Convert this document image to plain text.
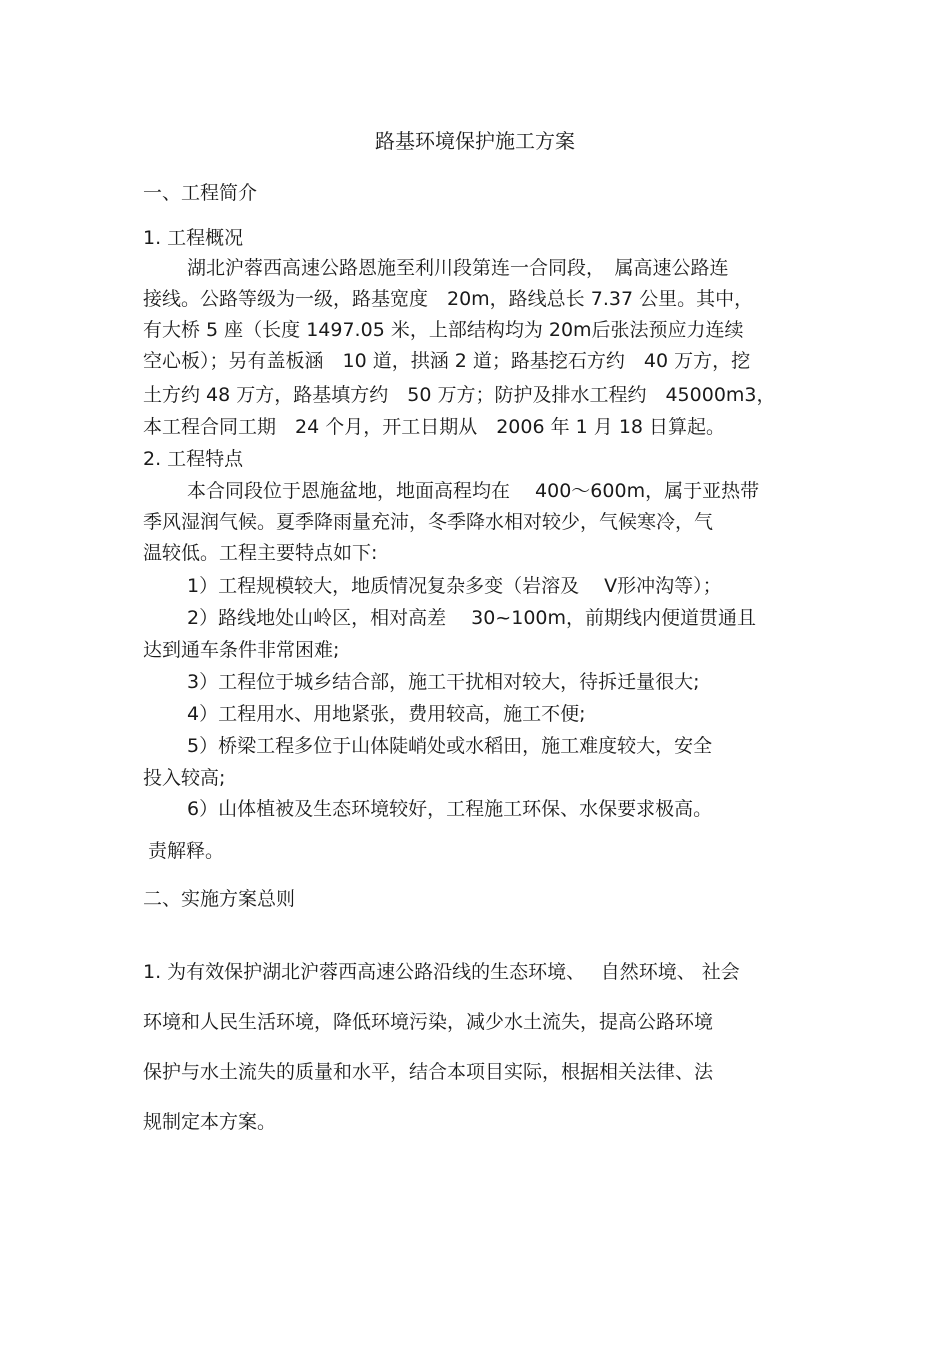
路基环境保护施工方案
一、工程简介
1. 工程概况
湖北沪蓉西高速公路恩施至利川段第连一合同段，　属高速公路连
接线。公路等级为一级，路基宽度　20m，路线总长 7.37 公里。其中，
有大桥 5 座（长度 1497.05 米，上部结构均为 20m后张法预应力连续
空心板）；另有盖板涵　10 道，拱涵 2 道；路基挖石方约　40 万方，挖
土方约 48 万方，路基填方约　50 万方；防护及排水工程约　45000m3，
本工程合同工期　24 个月，开工日期从　2006 年 1 月 18 日算起。
2. 工程特点
本合同段位于恩施盆地，地面高程均在　 400～600m，属于亚热带
季风湿润气候。夏季降雨量充沛，冬季降水相对较少，气候寒冷，气
温较低。工程主要特点如下:
1）工程规模较大，地质情况复杂多变（岩溶及　 V形冲沟等）；
2）路线地处山岭区，相对高差　 30~100m，前期线内便道贯通且
达到通车条件非常困难;
3）工程位于城乡结合部，施工干扰相对较大，待拆迁量很大;
4）工程用水、用地紧张，费用较高，施工不便;
5）桥梁工程多位于山体陡峭处或水稻田，施工难度较大，安全
投入较高;
6）山体植被及生态环境较好，工程施工环保、水保要求极高。
责解释。
二、实施方案总则
1. 为有效保护湖北沪蓉西高速公路沿线的生态环境、　 自然环境、 社会
环境和人民生活环境，降低环境污染，减少水土流失，提高公路环境
保护与水土流失的质量和水平，结合本项目实际，根据相关法律、法
规制定本方案。
